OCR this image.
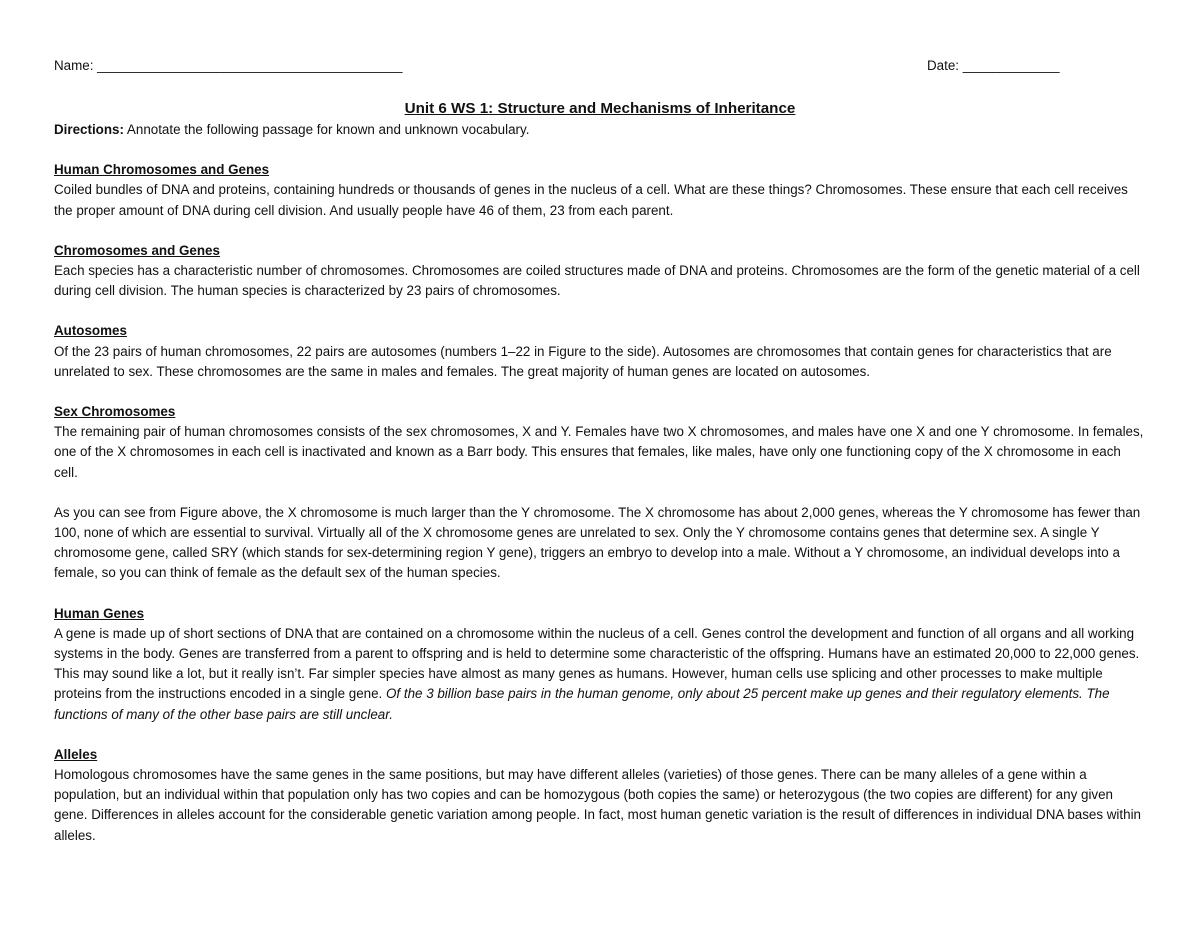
Name: _________________________________________	Date: _____________
Unit 6 WS 1: Structure and Mechanisms of Inheritance
Directions: Annotate the following passage for known and unknown vocabulary.
Human Chromosomes and Genes

Coiled bundles of DNA and proteins, containing hundreds or thousands of genes in the nucleus of a cell. What are these things? Chromosomes. These ensure that each cell receives the proper amount of DNA during cell division. And usually people have 46 of them, 23 from each parent.

Chromosomes and Genes

Each species has a characteristic number of chromosomes. Chromosomes are coiled structures made of DNA and proteins. Chromosomes are the form of the genetic material of a cell during cell division. The human species is characterized by 23 pairs of chromosomes.

Autosomes

Of the 23 pairs of human chromosomes, 22 pairs are autosomes (numbers 1–22 in Figure to the side). Autosomes are chromosomes that contain genes for characteristics that are unrelated to sex. These chromosomes are the same in males and females. The great majority of human genes are located on autosomes.

Sex Chromosomes

The remaining pair of human chromosomes consists of the sex chromosomes, X and Y. Females have two X chromosomes, and males have one X and one Y chromosome. In females, one of the X chromosomes in each cell is inactivated and known as a Barr body. This ensures that females, like males, have only one functioning copy of the X chromosome in each cell.

As you can see from Figure above, the X chromosome is much larger than the Y chromosome. The X chromosome has about 2,000 genes, whereas the Y chromosome has fewer than 100, none of which are essential to survival. Virtually all of the X chromosome genes are unrelated to sex. Only the Y chromosome contains genes that determine sex. A single Y chromosome gene, called SRY (which stands for sex-determining region Y gene), triggers an embryo to develop into a male. Without a Y chromosome, an individual develops into a female, so you can think of female as the default sex of the human species.

Human Genes

A gene is made up of short sections of DNA that are contained on a chromosome within the nucleus of a cell. Genes control the development and function of all organs and all working systems in the body. Genes are transferred from a parent to offspring and is held to determine some characteristic of the offspring. Humans have an estimated 20,000 to 22,000 genes. This may sound like a lot, but it really isn’t. Far simpler species have almost as many genes as humans. However, human cells use splicing and other processes to make multiple proteins from the instructions encoded in a single gene. Of the 3 billion base pairs in the human genome, only about 25 percent make up genes and their regulatory elements. The functions of many of the other base pairs are still unclear.

Alleles

Homologous chromosomes have the same genes in the same positions, but may have different alleles (varieties) of those genes. There can be many alleles of a gene within a population, but an individual within that population only has two copies and can be homozygous (both copies the same) or heterozygous (the two copies are different) for any given gene. Differences in alleles account for the considerable genetic variation among people. In fact, most human genetic variation is the result of differences in individual DNA bases within alleles.
